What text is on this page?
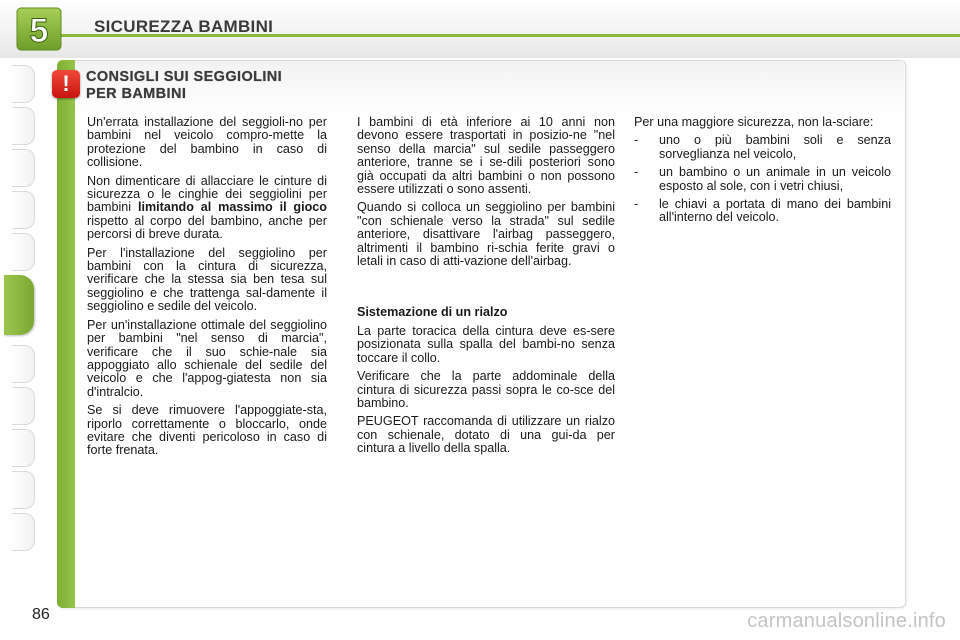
5	SICUREZZA BAMBINI
!	CONSIGLI SUI SEGGIOLINI
PER BAMBINI

Un'errata installazione del seggioli-no per bambini nel veicolo compro-mette la protezione del bambino in caso di collisione.

Non dimenticare di allacciare le cinture di sicurezza o le cinghie dei seggiolini per bambini limitando al massimo il gioco rispetto al corpo del bambino, anche per percorsi di breve durata.

Per l'installazione del seggiolino per bambini con la cintura di sicurezza, verificare che la stessa sia ben tesa sul seggiolino e che trattenga sal-damente il seggiolino e sedile del veicolo.

Per un'installazione ottimale del seggiolino per bambini "nel senso di marcia", verificare che il suo schie-nale sia appoggiato allo schienale del sedile del veicolo e che l'appog-giatesta non sia d'intralcio.

Se si deve rimuovere l'appoggiate-sta, riporlo correttamente o bloccarlo, onde evitare che diventi pericoloso in caso di forte frenata.

I bambini di età inferiore ai 10 anni non devono essere trasportati in posizio-ne "nel senso della marcia" sul sedile passeggero anteriore, tranne se i se-dili posteriori sono già occupati da altri bambini o non possono essere utilizzati o sono assenti.

Quando si colloca un seggiolino per bambini "con schienale verso la strada" sul sedile anteriore, disattivare l'airbag passeggero, altrimenti il bambino ri-schia ferite gravi o letali in caso di atti-vazione dell'airbag.

Sistemazione di un rialzo

La parte toracica della cintura deve es-sere posizionata sulla spalla del bambi-no senza toccare il collo.

Verificare che la parte addominale della cintura di sicurezza passi sopra le co-sce del bambino.

PEUGEOT raccomanda di utilizzare un rialzo con schienale, dotato di una gui-da per cintura a livello della spalla.

Per una maggiore sicurezza, non la-sciare:

-	uno o più bambini soli e senza sorveglianza nel veicolo,
-	un bambino o un animale in un veicolo esposto al sole, con i vetri chiusi,
-	le chiavi a portata di mano dei bambini all'interno del veicolo.
86	carmanualsonline.info
